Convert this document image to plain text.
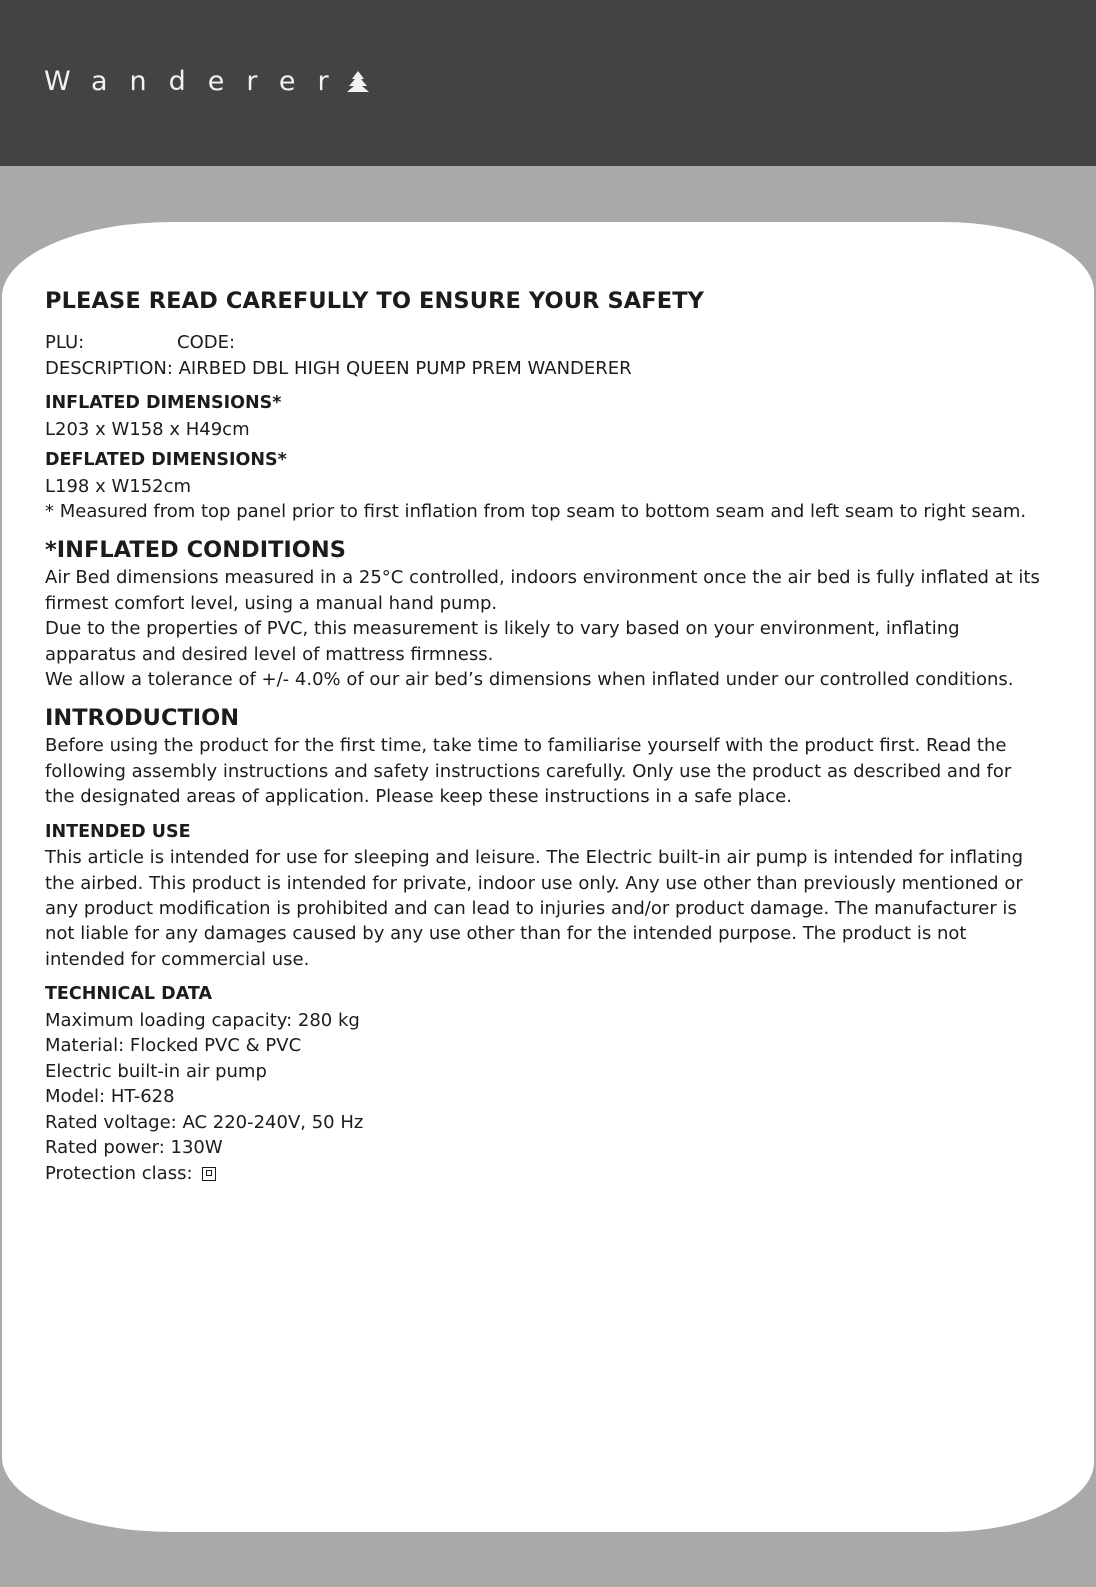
Wanderer
PLEASE READ CAREFULLY TO ENSURE YOUR SAFETY
PLU:	CODE:

DESCRIPTION: AIRBED DBL HIGH QUEEN PUMP PREM WANDERER

INFLATED DIMENSIONS*

L203 x W158 x H49cm

DEFLATED DIMENSIONS*

L198 x W152cm

* Measured from top panel prior to first inflation from top seam to bottom seam and left seam to right seam.

*INFLATED CONDITIONS

Air Bed dimensions measured in a 25°C controlled, indoors environment once the air bed is fully inflated at its firmest comfort level, using a manual hand pump.

Due to the properties of PVC, this measurement is likely to vary based on your environment, inflating apparatus and desired level of mattress firmness.

We allow a tolerance of +/- 4.0% of our air bed’s dimensions when inflated under our controlled conditions.

INTRODUCTION

Before using the product for the first time, take time to familiarise yourself with the product first. Read the following assembly instructions and safety instructions carefully. Only use the product as described and for the designated areas of application. Please keep these instructions in a safe place.

INTENDED USE

This article is intended for use for sleeping and leisure. The Electric built-in air pump is intended for inflating the airbed. This product is intended for private, indoor use only. Any use other than previously mentioned or any product modification is prohibited and can lead to injuries and/or product damage. The manufacturer is not liable for any damages caused by any use other than for the intended purpose. The product is not intended for commercial use.

TECHNICAL DATA

Maximum loading capacity: 280 kg

Material: Flocked PVC & PVC

Electric built-in air pump

Model: HT-628

Rated voltage: AC 220-240V, 50 Hz

Rated power: 130W

Protection class:
